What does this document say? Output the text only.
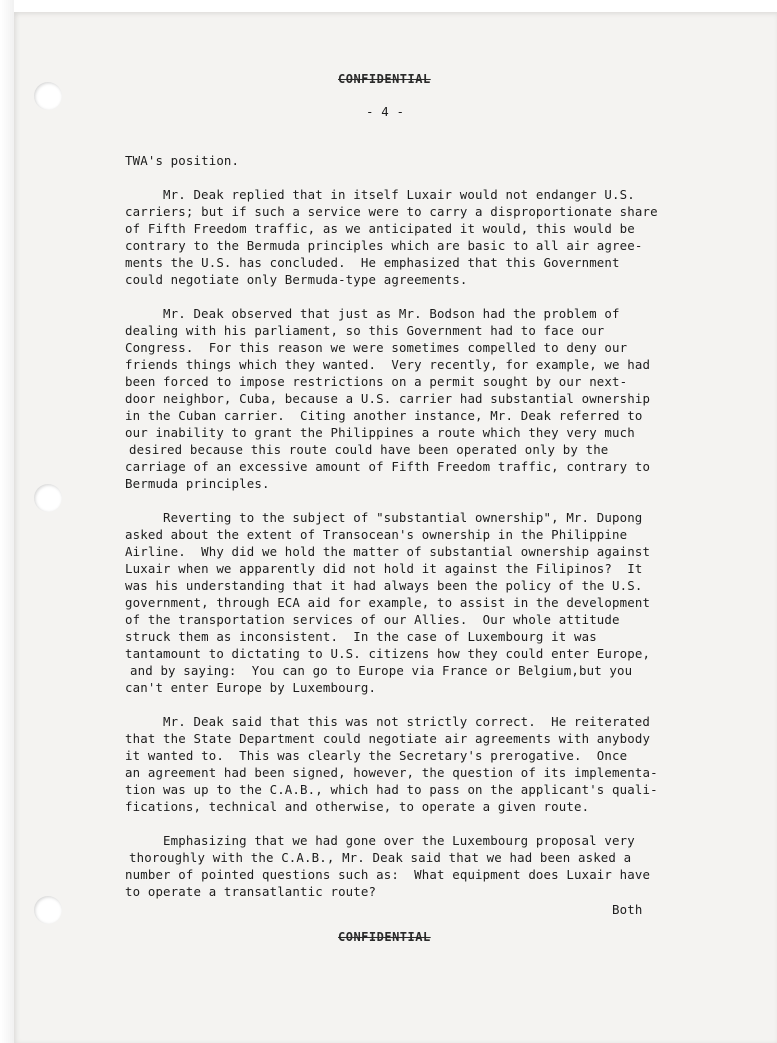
CONFIDENTIAL
- 4 -
TWA's position.
Mr. Deak replied that in itself Luxair would not endanger U.S.
carriers; but if such a service were to carry a disproportionate share
of Fifth Freedom traffic, as we anticipated it would, this would be
contrary to the Bermuda principles which are basic to all air agree-
ments the U.S. has concluded.  He emphasized that this Government
could negotiate only Bermuda-type agreements.
Mr. Deak observed that just as Mr. Bodson had the problem of
dealing with his parliament, so this Government had to face our
Congress.  For this reason we were sometimes compelled to deny our
friends things which they wanted.  Very recently, for example, we had
been forced to impose restrictions on a permit sought by our next-
door neighbor, Cuba, because a U.S. carrier had substantial ownership
in the Cuban carrier.  Citing another instance, Mr. Deak referred to
our inability to grant the Philippines a route which they very much
desired because this route could have been operated only by the
carriage of an excessive amount of Fifth Freedom traffic, contrary to
Bermuda principles.
Reverting to the subject of "substantial ownership", Mr. Dupong
asked about the extent of Transocean's ownership in the Philippine
Airline.  Why did we hold the matter of substantial ownership against
Luxair when we apparently did not hold it against the Filipinos?  It
was his understanding that it had always been the policy of the U.S.
government, through ECA aid for example, to assist in the development
of the transportation services of our Allies.  Our whole attitude
struck them as inconsistent.  In the case of Luxembourg it was
tantamount to dictating to U.S. citizens how they could enter Europe,
and by saying:  You can go to Europe via France or Belgium,but you
can't enter Europe by Luxembourg.
Mr. Deak said that this was not strictly correct.  He reiterated
that the State Department could negotiate air agreements with anybody
it wanted to.  This was clearly the Secretary's prerogative.  Once
an agreement had been signed, however, the question of its implementa-
tion was up to the C.A.B., which had to pass on the applicant's quali-
fications, technical and otherwise, to operate a given route.
Emphasizing that we had gone over the Luxembourg proposal very
thoroughly with the C.A.B., Mr. Deak said that we had been asked a
number of pointed questions such as:  What equipment does Luxair have
to operate a transatlantic route?
Both
CONFIDENTIAL
